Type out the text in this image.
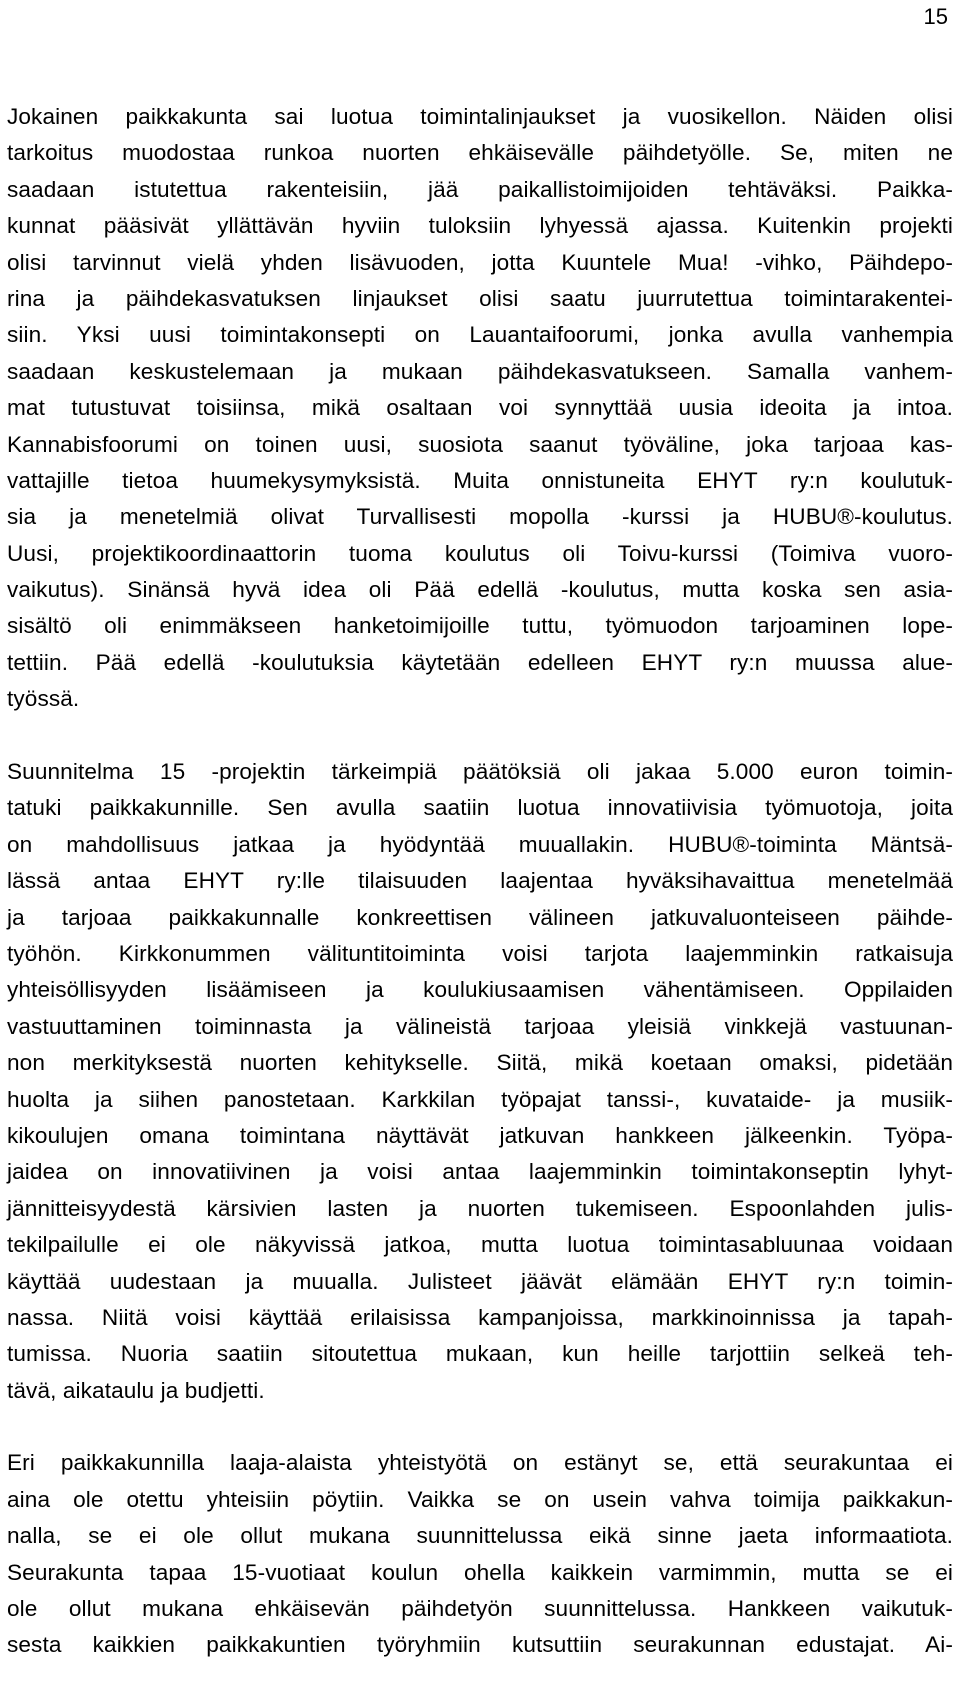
15
Jokainen paikkakunta sai luotua toimintalinjaukset ja vuosikellon. Näiden olisi
tarkoitus muodostaa runkoa nuorten ehkäisevälle päihdetyölle. Se, miten ne
saadaan istutettua rakenteisiin, jää paikallistoimijoiden tehtäväksi. Paikka-
kunnat pääsivät yllättävän hyviin tuloksiin lyhyessä ajassa. Kuitenkin projekti
olisi tarvinnut vielä yhden lisävuoden, jotta Kuuntele Mua! -vihko, Päihdepo-
rina ja päihdekasvatuksen linjaukset olisi saatu juurrutettua toimintarakentei-
siin. Yksi uusi toimintakonsepti on Lauantaifoorumi, jonka avulla vanhempia
saadaan keskustelemaan ja mukaan päihdekasvatukseen. Samalla vanhem-
mat tutustuvat toisiinsa, mikä osaltaan voi synnyttää uusia ideoita ja intoa.
Kannabisfoorumi on toinen uusi, suosiota saanut työväline, joka tarjoaa kas-
vattajille tietoa huumekysymyksistä. Muita onnistuneita EHYT ry:n koulutuk-
sia ja menetelmiä olivat Turvallisesti mopolla -kurssi ja HUBU®-koulutus.
Uusi, projektikoordinaattorin tuoma koulutus oli Toivu-kurssi (Toimiva vuoro-
vaikutus). Sinänsä hyvä idea oli Pää edellä -koulutus, mutta koska sen asia-
sisältö oli enimmäkseen hanketoimijoille tuttu, työmuodon tarjoaminen lope-
tettiin. Pää edellä -koulutuksia käytetään edelleen EHYT ry:n muussa alue-
työssä.
Suunnitelma 15 -projektin tärkeimpiä päätöksiä oli jakaa 5.000 euron toimin-
tatuki paikkakunnille. Sen avulla saatiin luotua innovatiivisia työmuotoja, joita
on mahdollisuus jatkaa ja hyödyntää muuallakin. HUBU®-toiminta Mäntsä-
lässä antaa EHYT ry:lle tilaisuuden laajentaa hyväksihavaittua menetelmää
ja tarjoaa paikkakunnalle konkreettisen välineen jatkuvaluonteiseen päihde-
työhön. Kirkkonummen välituntitoiminta voisi tarjota laajemminkin ratkaisuja
yhteisöllisyyden lisäämiseen ja koulukiusaamisen vähentämiseen. Oppilaiden
vastuuttaminen toiminnasta ja välineistä tarjoaa yleisiä vinkkejä vastuunan-
non merkityksestä nuorten kehitykselle. Siitä, mikä koetaan omaksi, pidetään
huolta ja siihen panostetaan. Karkkilan työpajat tanssi-, kuvataide- ja musiik-
kikoulujen omana toimintana näyttävät jatkuvan hankkeen jälkeenkin. Työpa-
jaidea on innovatiivinen ja voisi antaa laajemminkin toimintakonseptin lyhyt-
jännitteisyydestä kärsivien lasten ja nuorten tukemiseen. Espoonlahden julis-
tekilpailulle ei ole näkyvissä jatkoa, mutta luotua toimintasabluunaa voidaan
käyttää uudestaan ja muualla. Julisteet jäävät elämään EHYT ry:n toimin-
nassa. Niitä voisi käyttää erilaisissa kampanjoissa, markkinoinnissa ja tapah-
tumissa. Nuoria saatiin sitoutettua mukaan, kun heille tarjottiin selkeä teh-
tävä, aikataulu ja budjetti.
Eri paikkakunnilla laaja-alaista yhteistyötä on estänyt se, että seurakuntaa ei
aina ole otettu yhteisiin pöytiin. Vaikka se on usein vahva toimija paikkakun-
nalla, se ei ole ollut mukana suunnittelussa eikä sinne jaeta informaatiota.
Seurakunta tapaa 15-vuotiaat koulun ohella kaikkein varmimmin, mutta se ei
ole ollut mukana ehkäisevän päihdetyön suunnittelussa. Hankkeen vaikutuk-
sesta kaikkien paikkakuntien työryhmiin kutsuttiin seurakunnan edustajat. Ai-
